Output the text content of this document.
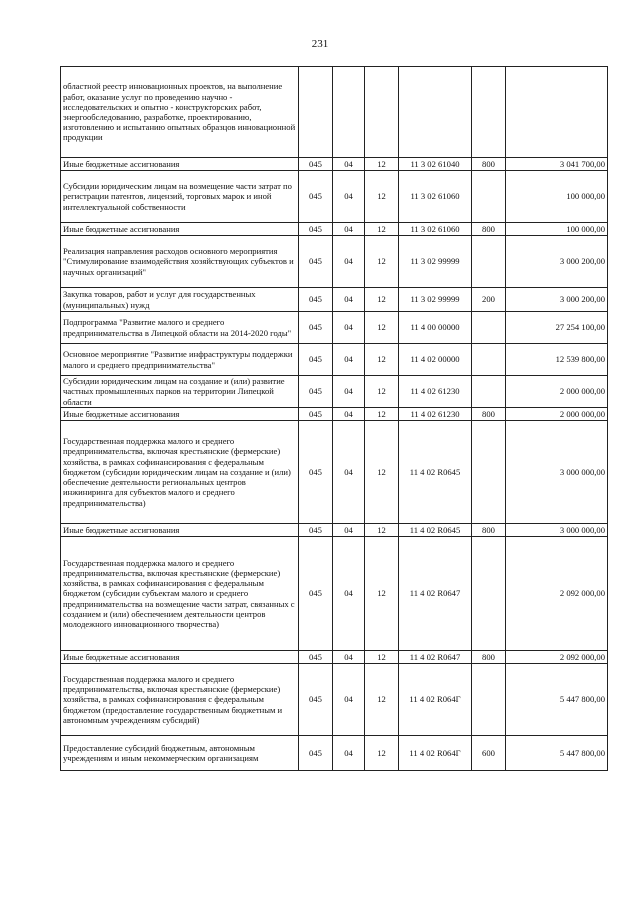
231
областной реестр инновационных проектов, на выполнение работ, оказание услуг по проведению научно - исследовательских и опытно - конструкторских работ, энергообследованию, разработке, проектированию, изготовлению и испытанию опытных образцов инновационной продукции						
Иные бюджетные ассигнования	045	04	12	11 3 02 61040	800	3 041 700,00
Субсидии юридическим лицам на возмещение части затрат по регистрации патентов, лицензий, торговых марок и иной интеллектуальной собственности	045	04	12	11 3 02 61060		100 000,00
Иные бюджетные ассигнования	045	04	12	11 3 02 61060	800	100 000,00
Реализация направления расходов основного мероприятия "Стимулирование взаимодействия хозяйствующих субъектов и научных организаций"	045	04	12	11 3 02 99999		3 000 200,00
Закупка товаров, работ и услуг для государственных (муниципальных) нужд	045	04	12	11 3 02 99999	200	3 000 200,00
Подпрограмма "Развитие малого и среднего предпринимательства в Липецкой области на 2014-2020 годы"	045	04	12	11 4 00 00000		27 254 100,00
Основное мероприятие "Развитие инфраструктуры поддержки малого и среднего предпринимательства"	045	04	12	11 4 02 00000		12 539 800,00
Субсидии юридическим лицам на создание и (или) развитие частных промышленных парков на территории Липецкой области	045	04	12	11 4 02 61230		2 000 000,00
Иные бюджетные ассигнования	045	04	12	11 4 02 61230	800	2 000 000,00
Государственная поддержка малого и среднего предпринимательства, включая крестьянские (фермерские) хозяйства, в рамках софинансирования с федеральным бюджетом (субсидии юридическим лицам на создание и (или) обеспечение деятельности региональных центров инжиниринга для субъектов малого и среднего предпринимательства)	045	04	12	11 4 02 R0645		3 000 000,00
Иные бюджетные ассигнования	045	04	12	11 4 02 R0645	800	3 000 000,00
Государственная поддержка малого и среднего предпринимательства, включая крестьянские (фермерские) хозяйства, в рамках софинансирования с федеральным бюджетом (субсидии субъектам малого и среднего предпринимательства на возмещение части затрат, связанных с созданием и (или) обеспечением деятельности центров молодежного инновационного творчества)	045	04	12	11 4 02 R0647		2 092 000,00
Иные бюджетные ассигнования	045	04	12	11 4 02 R0647	800	2 092 000,00
Государственная поддержка малого и среднего предпринимательства, включая крестьянские (фермерские) хозяйства, в рамках софинансирования с федеральным бюджетом (предоставление государственным бюджетным и автономным учреждениям субсидий)	045	04	12	11 4 02 R064Г		5 447 800,00
Предоставление субсидий бюджетным, автономным учреждениям и иным некоммерческим организациям	045	04	12	11 4 02 R064Г	600	5 447 800,00
